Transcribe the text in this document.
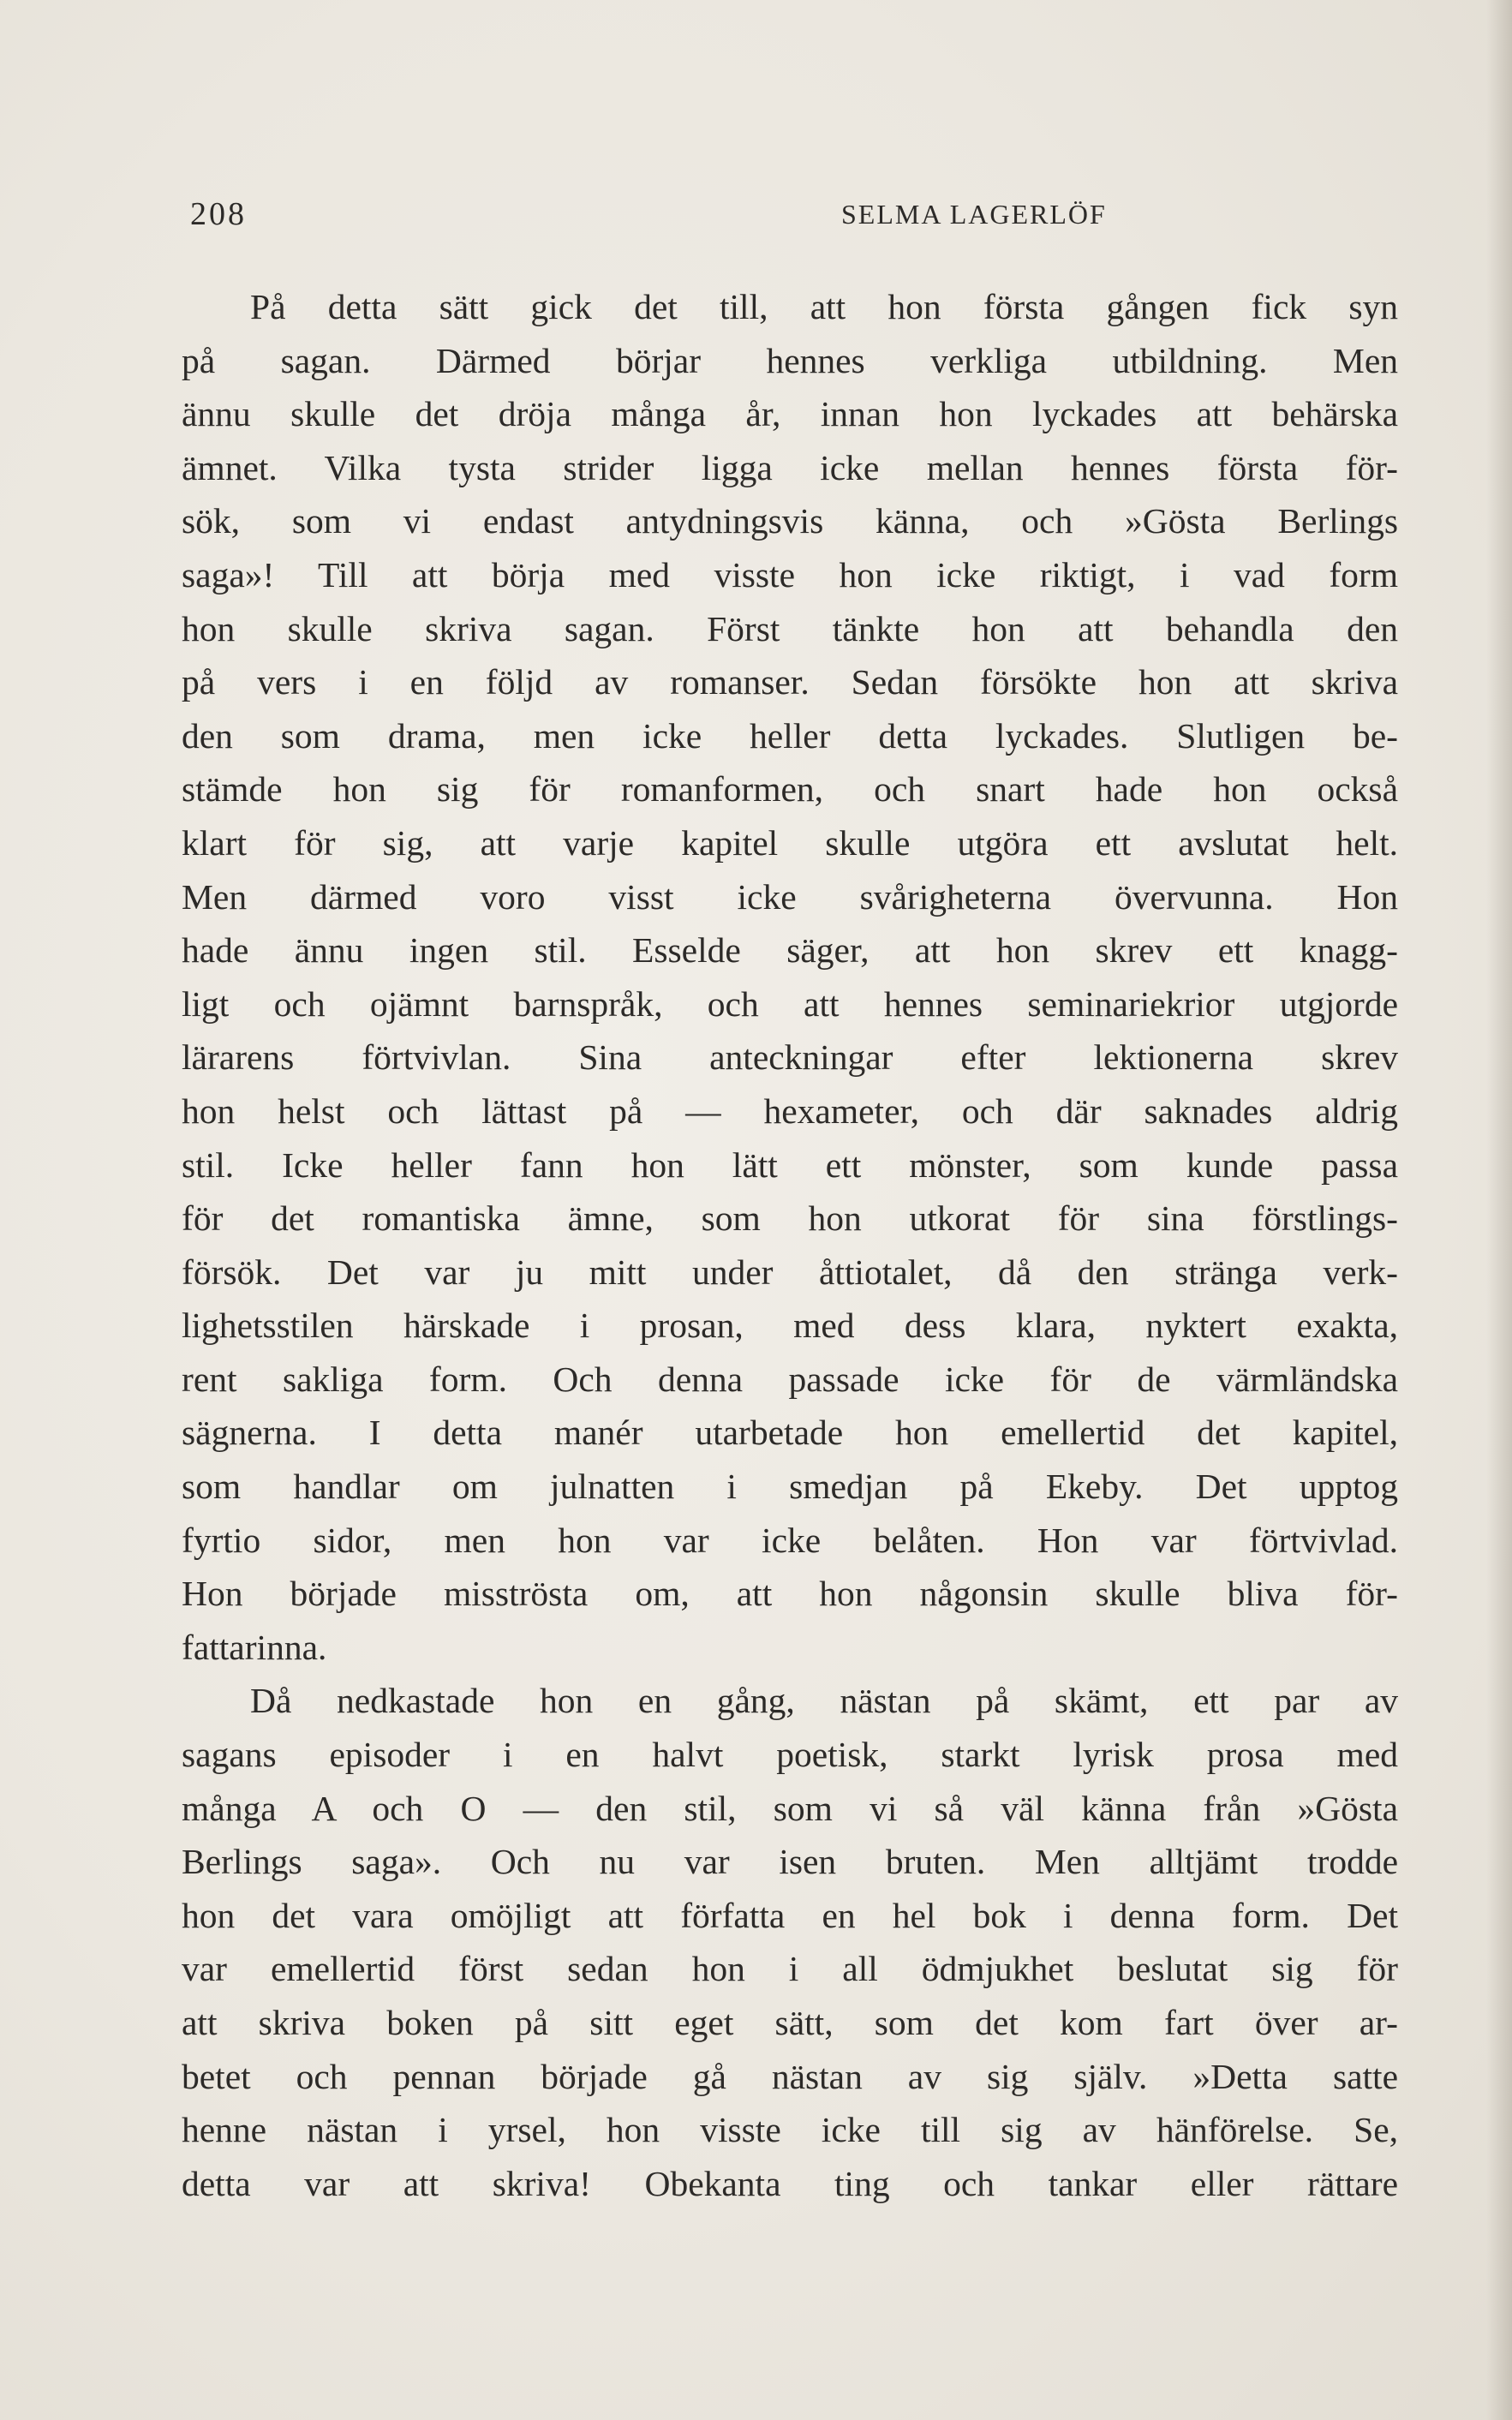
208	SELMA LAGERLÖF
På detta sätt gick det till, att hon första gången fick syn
på sagan. Därmed börjar hennes verkliga utbildning. Men
ännu skulle det dröja många år, innan hon lyckades att behärska
ämnet. Vilka tysta strider ligga icke mellan hennes första för-
sök, som vi endast antydningsvis känna, och »Gösta Berlings
saga»! Till att börja med visste hon icke riktigt, i vad form
hon skulle skriva sagan. Först tänkte hon att behandla den
på vers i en följd av romanser. Sedan försökte hon att skriva
den som drama, men icke heller detta lyckades. Slutligen be-
stämde hon sig för romanformen, och snart hade hon också
klart för sig, att varje kapitel skulle utgöra ett avslutat helt.
Men därmed voro visst icke svårigheterna övervunna. Hon
hade ännu ingen stil. Esselde säger, att hon skrev ett knagg-
ligt och ojämnt barnspråk, och att hennes seminariekrior utgjorde
lärarens förtvivlan. Sina anteckningar efter lektionerna skrev
hon helst och lättast på — hexameter, och där saknades aldrig
stil. Icke heller fann hon lätt ett mönster, som kunde passa
för det romantiska ämne, som hon utkorat för sina förstlings-
försök. Det var ju mitt under åttiotalet, då den stränga verk-
lighetsstilen härskade i prosan, med dess klara, nyktert exakta,
rent sakliga form. Och denna passade icke för de värmländska
sägnerna. I detta manér utarbetade hon emellertid det kapitel,
som handlar om julnatten i smedjan på Ekeby. Det upptog
fyrtio sidor, men hon var icke belåten. Hon var förtvivlad.
Hon började misströsta om, att hon någonsin skulle bliva för-
fattarinna.
Då nedkastade hon en gång, nästan på skämt, ett par av
sagans episoder i en halvt poetisk, starkt lyrisk prosa med
många A och O — den stil, som vi så väl känna från »Gösta
Berlings saga». Och nu var isen bruten. Men alltjämt trodde
hon det vara omöjligt att författa en hel bok i denna form. Det
var emellertid först sedan hon i all ödmjukhet beslutat sig för
att skriva boken på sitt eget sätt, som det kom fart över ar-
betet och pennan började gå nästan av sig själv. »Detta satte
henne nästan i yrsel, hon visste icke till sig av hänförelse. Se,
detta var att skriva! Obekanta ting och tankar eller rättare
